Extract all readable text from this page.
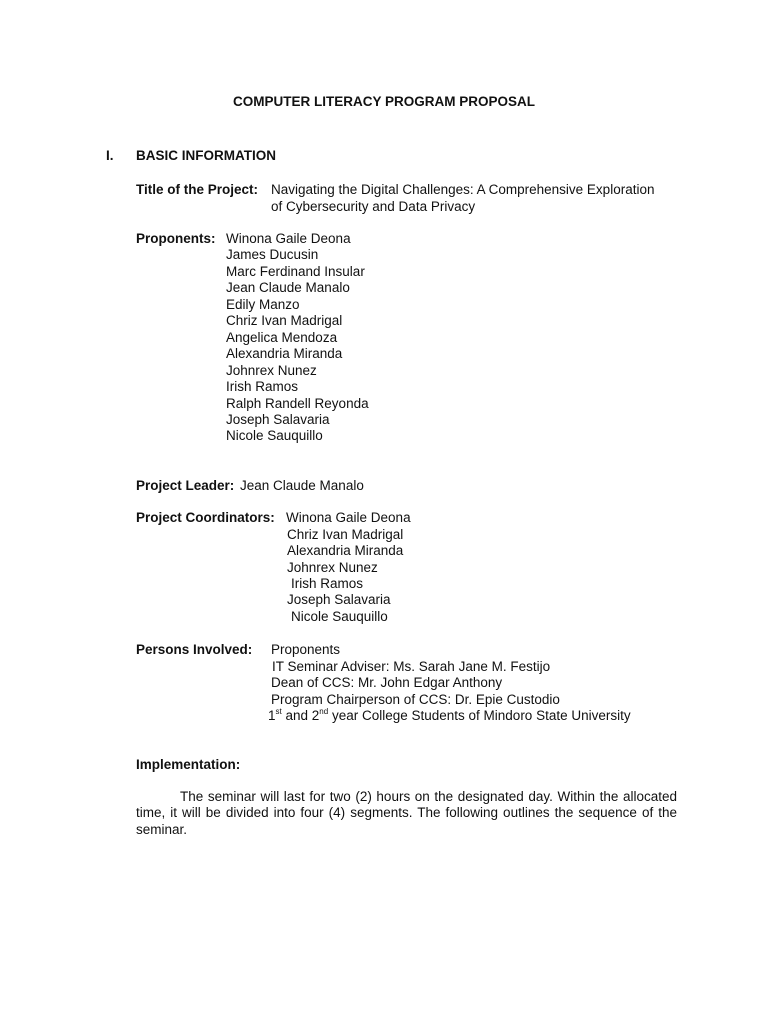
COMPUTER LITERACY PROGRAM PROPOSAL
I. BASIC INFORMATION
Title of the Project: Navigating the Digital Challenges: A Comprehensive Exploration
of Cybersecurity and Data Privacy
Proponents: Winona Gaile Deona
James Ducusin
Marc Ferdinand Insular
Jean Claude Manalo
Edily Manzo
Chriz Ivan Madrigal
Angelica Mendoza
Alexandria Miranda
Johnrex Nunez
Irish Ramos
Ralph Randell Reyonda
Joseph Salavaria
Nicole Sauquillo
Project Leader: Jean Claude Manalo
Project Coordinators: Winona Gaile Deona
Chriz Ivan Madrigal
Alexandria Miranda
Johnrex Nunez
Irish Ramos
Joseph Salavaria
Nicole Sauquillo
Persons Involved: Proponents
IT Seminar Adviser: Ms. Sarah Jane M. Festijo
Dean of CCS: Mr. John Edgar Anthony
Program Chairperson of CCS: Dr. Epie Custodio
1st and 2nd year College Students of Mindoro State University
Implementation:

The seminar will last for two (2) hours on the designated day. Within the allocated time, it will be divided into four (4) segments. The following outlines the sequence of the seminar.
